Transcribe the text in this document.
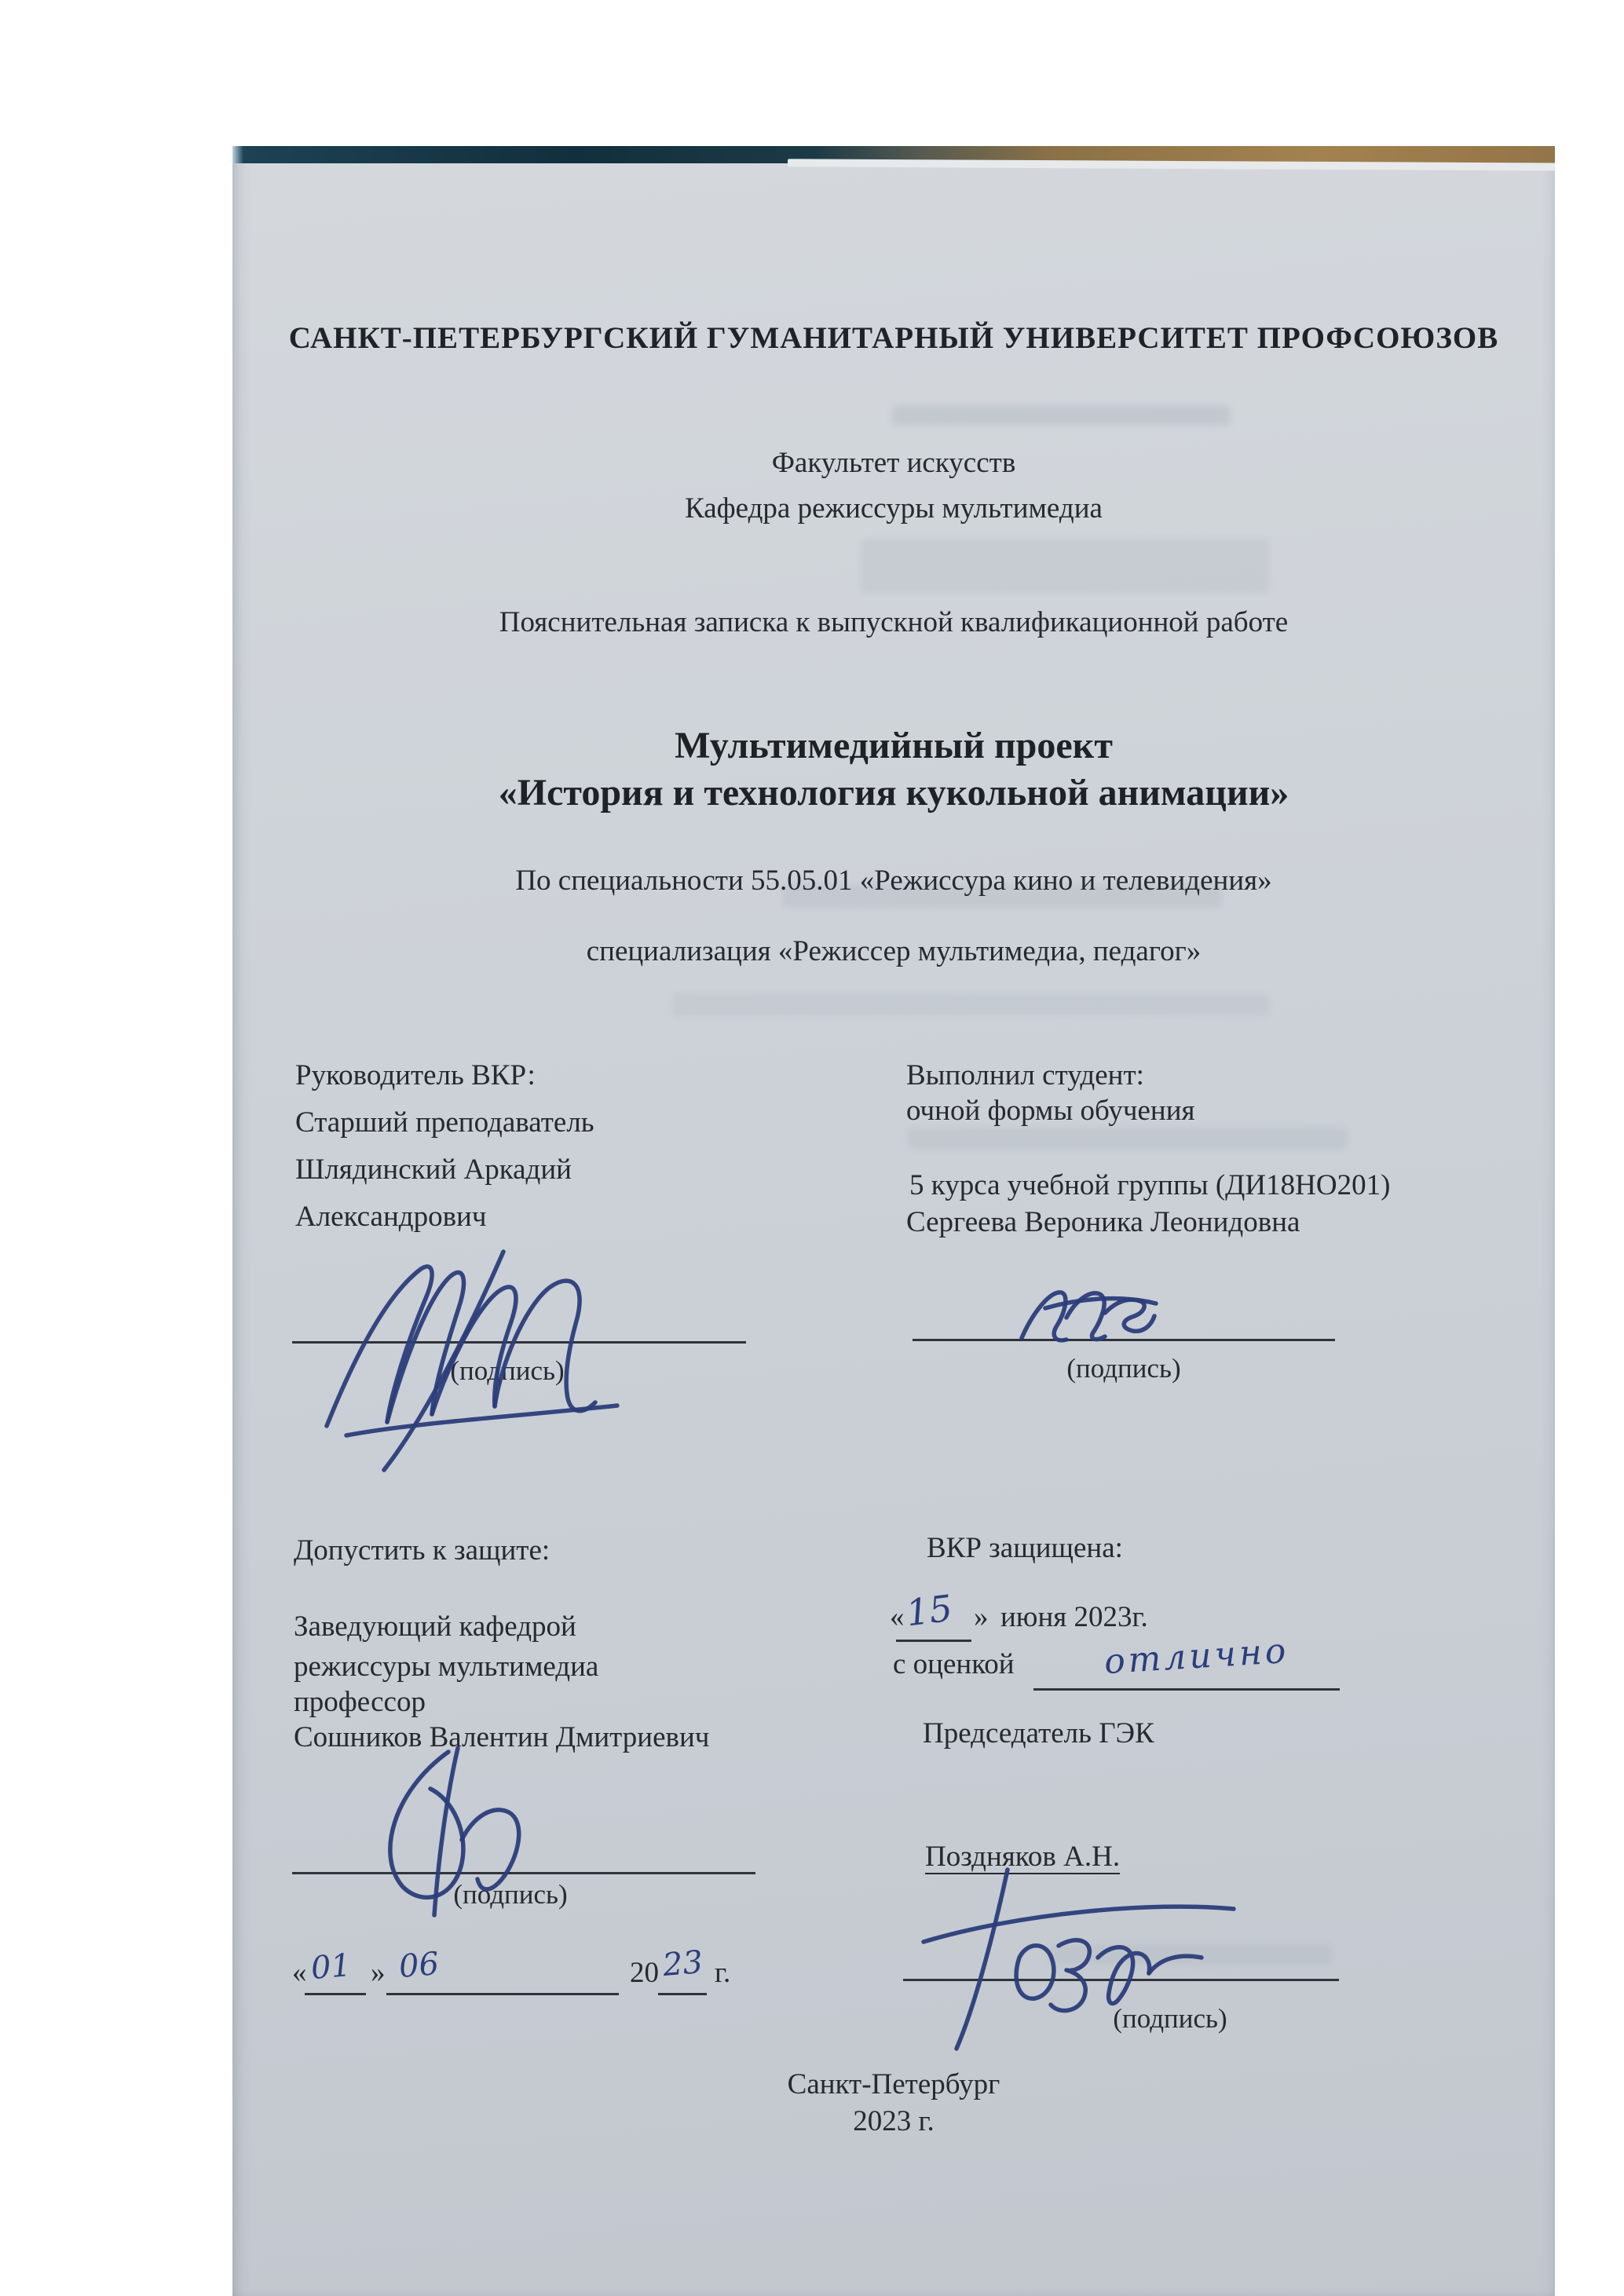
САНКТ-ПЕТЕРБУРГСКИЙ ГУМАНИТАРНЫЙ УНИВЕРСИТЕТ ПРОФСОЮЗОВ
Факультет искусств
Кафедра режиссуры мультимедиа
Пояснительная записка к выпускной квалификационной работе
Мультимедийный проект
«История и технология кукольной анимации»
По специальности 55.05.01 «Режиссура кино и телевидения»
специализация «Режиссер мультимедиа, педагог»
Руководитель ВКР:
Старший преподаватель
Шлядинский Аркадий
Александрович
Выполнил студент:
очной формы обучения
5 курса учебной группы (ДИ18НО201)
Сергеева Вероника Леонидовна
(подпись)	(подпись)
Допустить к защите:
Заведующий кафедрой
режиссуры мультимедиа
профессор
Сошников Валентин Дмитриевич
(подпись)
ВКР защищена:
« 15 » июня 2023г.
с оценкой	отлично
Председатель ГЭК
Поздняков А.Н.
(подпись)
« 01 » 06	20 23 г.
Санкт-Петербург
2023 г.
